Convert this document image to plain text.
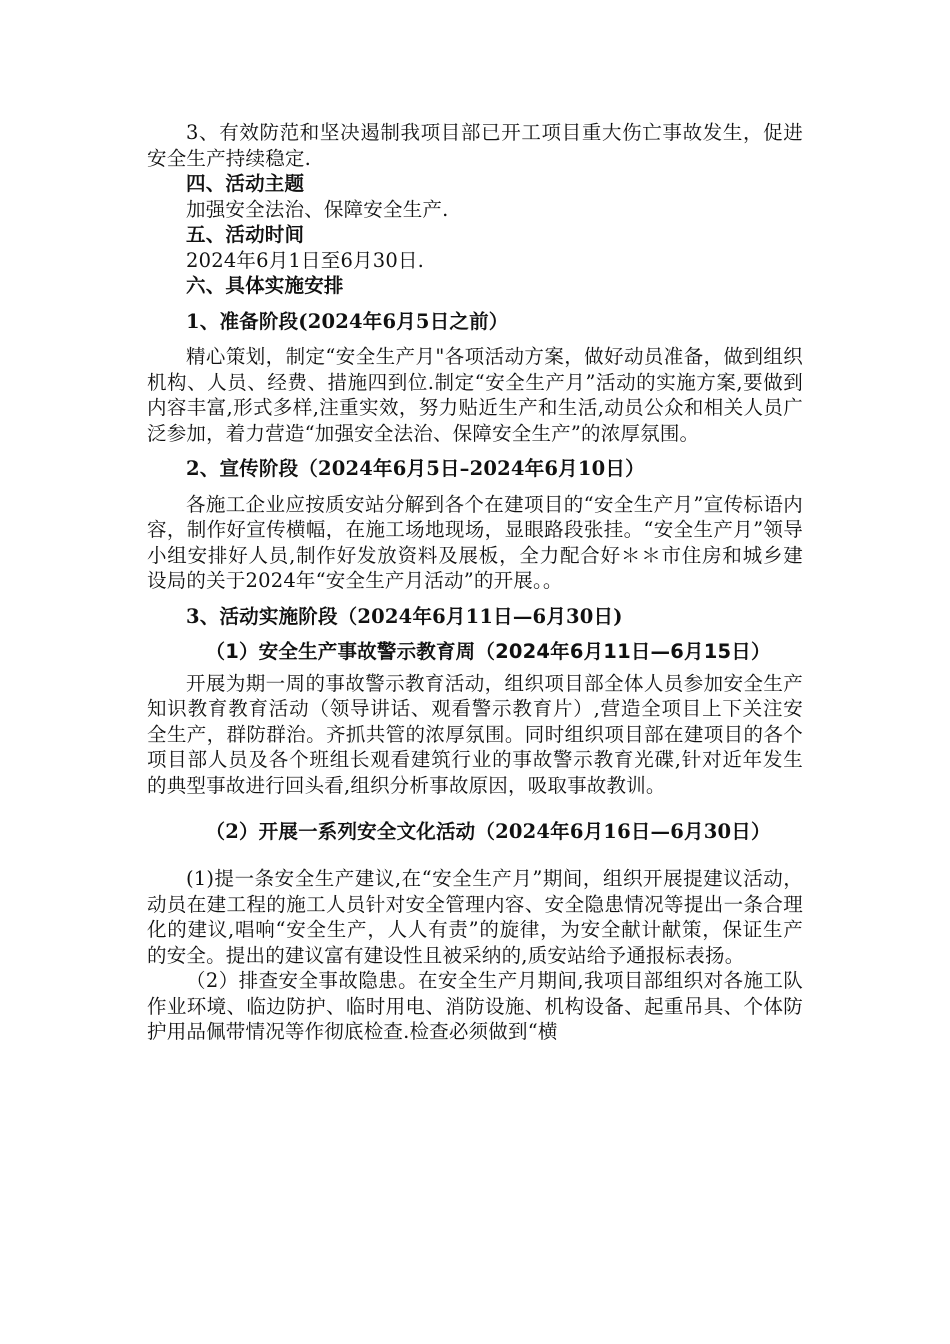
3、有效防范和坚决遏制我项目部已开工项目重大伤亡事故发生，促进安全生产持续稳定.

四、活动主题

加强安全法治、保障安全生产.

五、活动时间

2024年6月1日至6月30日.

六、具体实施安排

1、准备阶段(2024年6月5日之前）

精心策划，制定“安全生产月"各项活动方案，做好动员准备，做到组织机构、人员、经费、措施四到位.制定“安全生产月”活动的实施方案,要做到内容丰富,形式多样,注重实效，努力贴近生产和生活,动员公众和相关人员广泛参加，着力营造“加强安全法治、保障安全生产”的浓厚氛围。

2、宣传阶段（2024年6月5日–2024年6月10日）

各施工企业应按质安站分解到各个在建项目的“安全生产月”宣传标语内容，制作好宣传横幅，在施工场地现场，显眼路段张挂。“安全生产月”领导小组安排好人员,制作好发放资料及展板，全力配合好＊＊市住房和城乡建设局的关于2024年“安全生产月活动”的开展。。

3、活动实施阶段（2024年6月11日—6月30日)

（1）安全生产事故警示教育周（2024年6月11日—6月15日）

开展为期一周的事故警示教育活动，组织项目部全体人员参加安全生产知识教育教育活动（领导讲话、观看警示教育片）,营造全项目上下关注安全生产，群防群治。齐抓共管的浓厚氛围。同时组织项目部在建项目的各个项目部人员及各个班组长观看建筑行业的事故警示教育光碟,针对近年发生的典型事故进行回头看,组织分析事故原因，吸取事故教训。

（2）开展一系列安全文化活动（2024年6月16日—6月30日）

(1)提一条安全生产建议,在“安全生产月”期间，组织开展提建议活动，动员在建工程的施工人员针对安全管理内容、安全隐患情况等提出一条合理化的建议,唱响“安全生产，人人有责”的旋律，为安全献计献策，保证生产的安全。提出的建议富有建设性且被采纳的,质安站给予通报标表扬。

（2）排查安全事故隐患。在安全生产月期间,我项目部组织对各施工队作业环境、临边防护、临时用电、消防设施、机构设备、起重吊具、个体防护用品佩带情况等作彻底检查.检查必须做到“横
